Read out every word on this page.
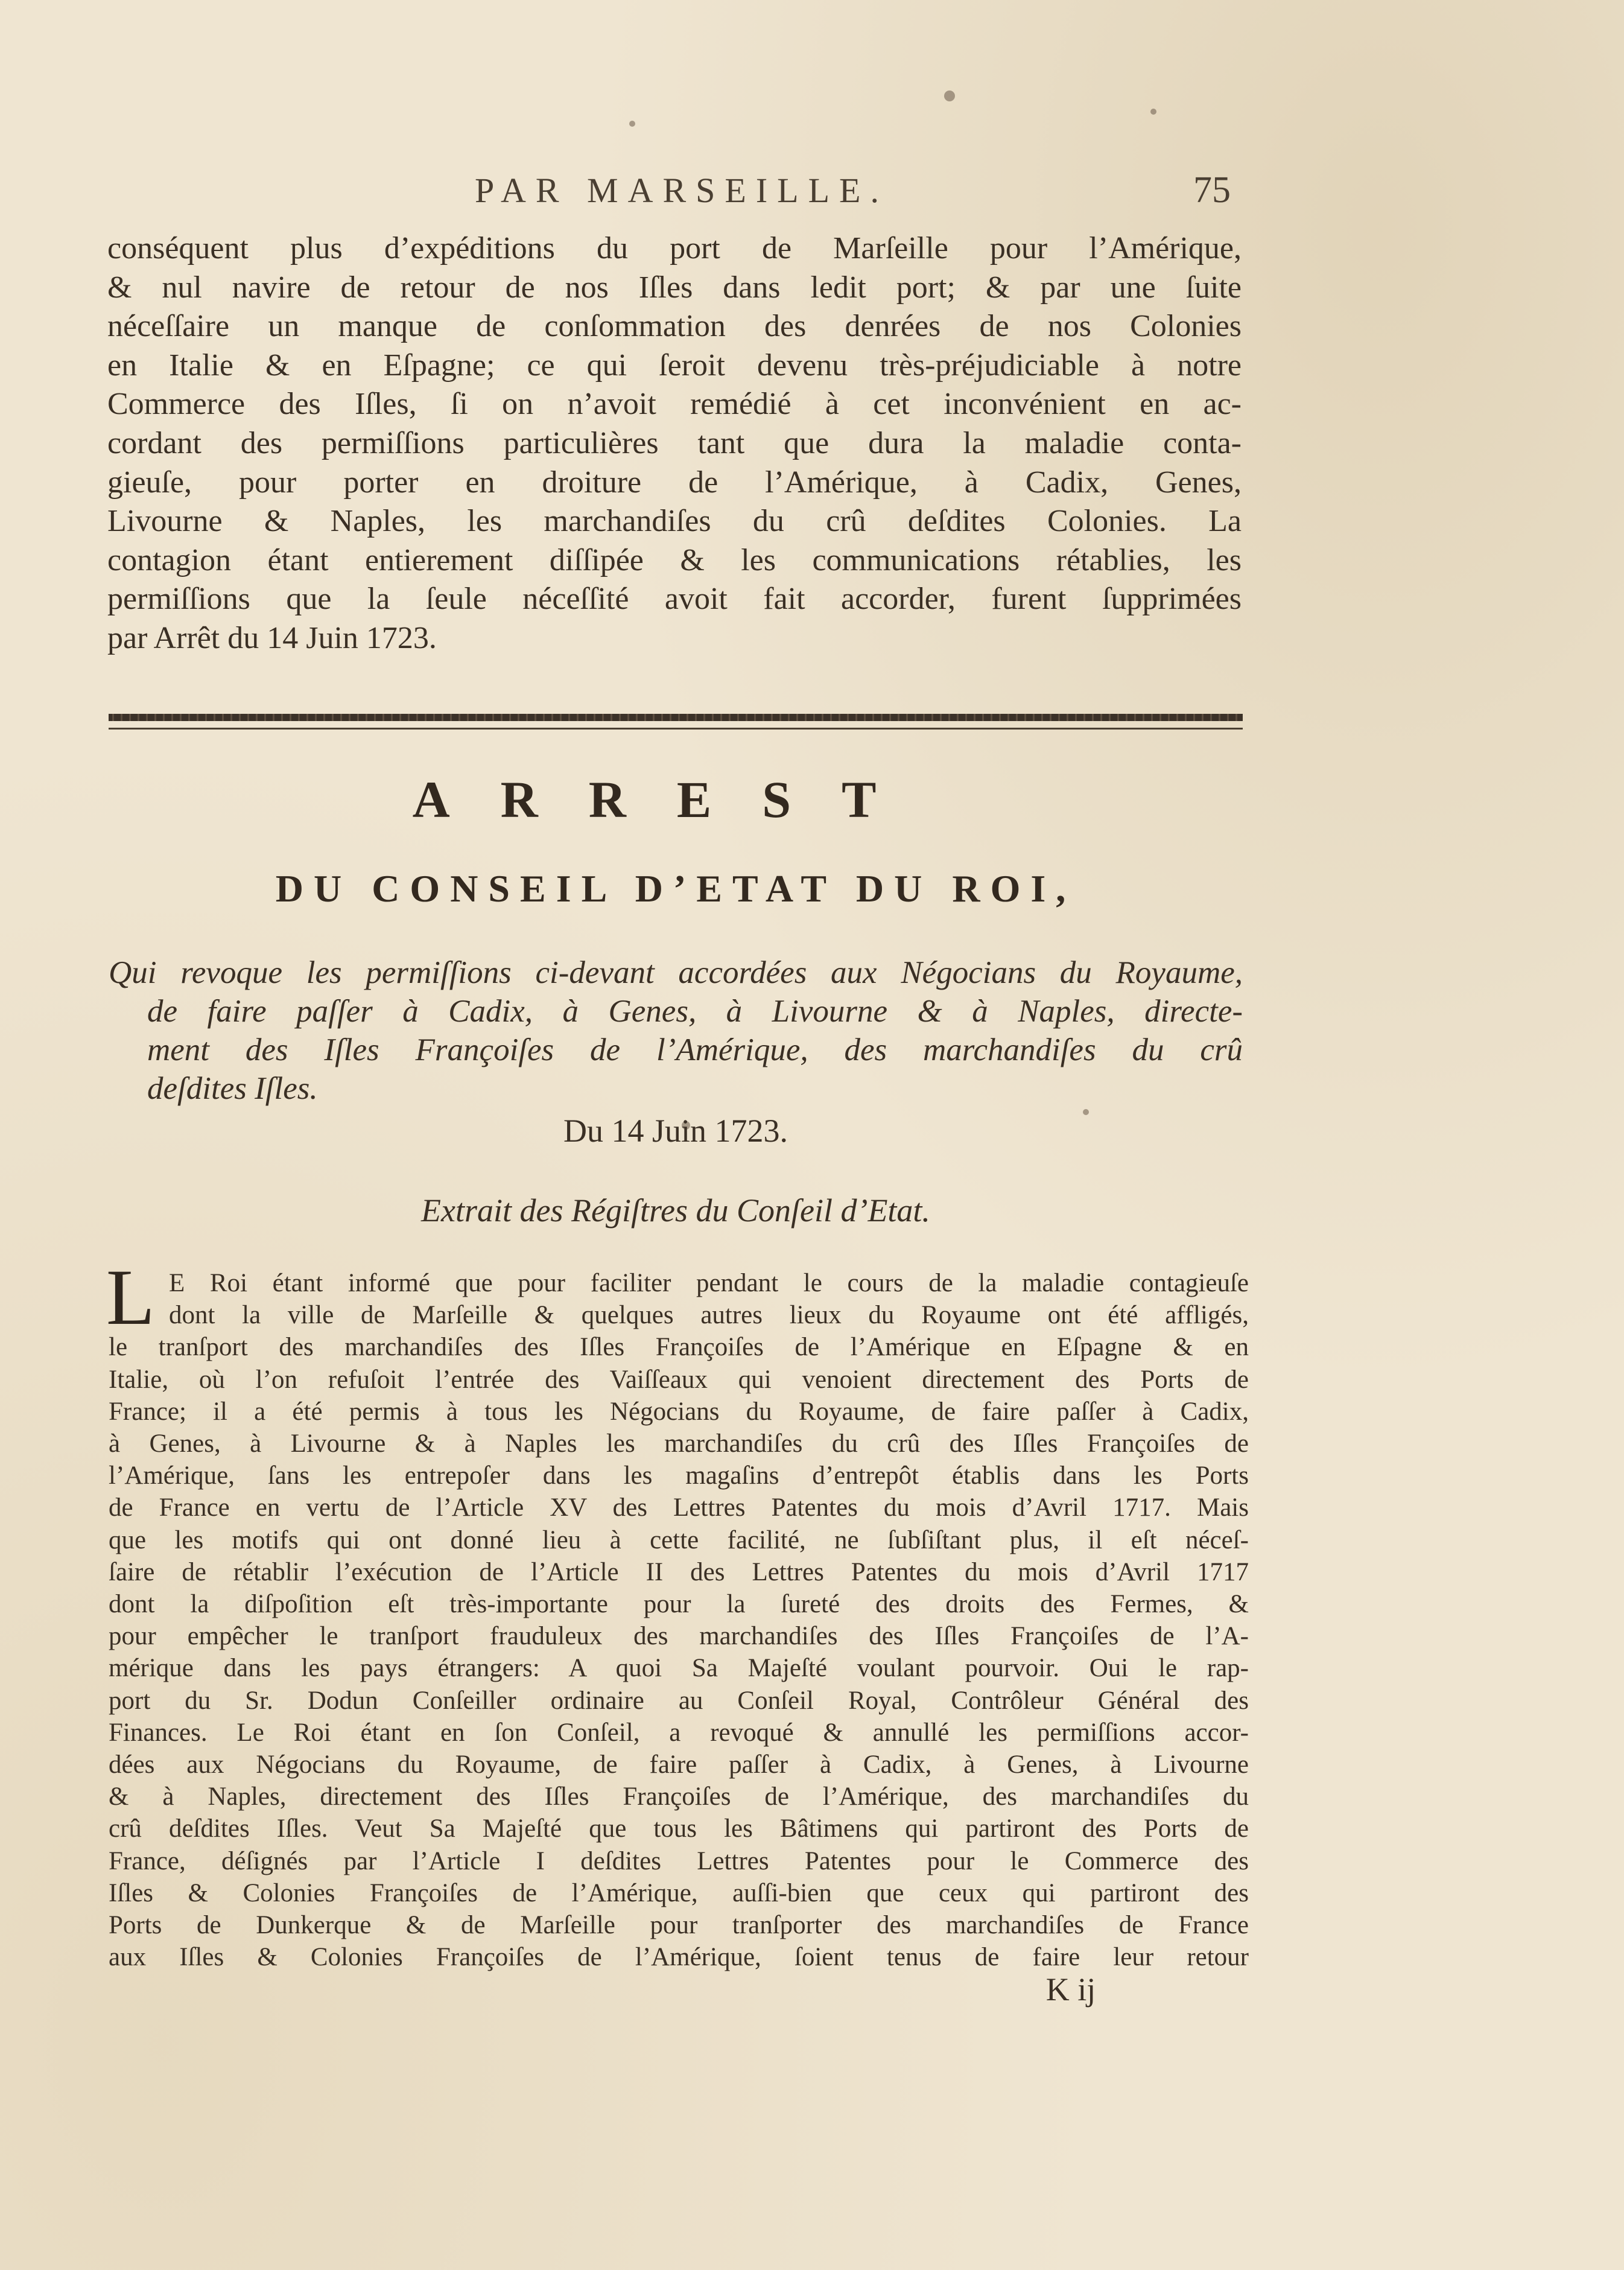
PAR MARSEILLE.	75
conséquent plus d’expéditions du port de Marſeille pour l’Amérique,
& nul navire de retour de nos Iſles dans ledit port; & par une ſuite
néceſſaire un manque de conſommation des denrées de nos Colonies
en Italie & en Eſpagne; ce qui ſeroit devenu très-préjudiciable à notre
Commerce des Iſles, ſi on n’avoit remédié à cet inconvénient en ac-
cordant des permiſſions particulières tant que dura la maladie conta-
gieuſe, pour porter en droiture de l’Amérique, à Cadix, Genes,
Livourne & Naples, les marchandiſes du crû deſdites Colonies. La
contagion étant entierement diſſipée & les communications rétablies, les
permiſſions que la ſeule néceſſité avoit fait accorder, furent ſupprimées
par Arrêt du 14 Juin 1723.
ARREST
DU CONSEIL D’ETAT DU ROI,
Qui revoque les permiſſions ci-devant accordées aux Négocians du Royaume,
de faire paſſer à Cadix, à Genes, à Livourne & à Naples, directe-
ment des Iſles Françoiſes de l’Amérique, des marchandiſes du crû
deſdites Iſles.
Du 14 Juin 1723.
Extrait des Régiſtres du Conſeil d’Etat.
L E Roi étant informé que pour faciliter pendant le cours de la maladie contagieuſe
dont la ville de Marſeille & quelques autres lieux du Royaume ont été affligés,
le tranſport des marchandiſes des Iſles Françoiſes de l’Amérique en Eſpagne & en
Italie, où l’on refuſoit l’entrée des Vaiſſeaux qui venoient directement des Ports de
France; il a été permis à tous les Négocians du Royaume, de faire paſſer à Cadix,
à Genes, à Livourne & à Naples les marchandiſes du crû des Iſles Françoiſes de
l’Amérique, ſans les entrepoſer dans les magaſins d’entrepôt établis dans les Ports
de France en vertu de l’Article XV des Lettres Patentes du mois d’Avril 1717. Mais
que les motifs qui ont donné lieu à cette facilité, ne ſubſiſtant plus, il eſt néceſ-
ſaire de rétablir l’exécution de l’Article II des Lettres Patentes du mois d’Avril 1717
dont la diſpoſition eſt très-importante pour la ſureté des droits des Fermes, &
pour empêcher le tranſport frauduleux des marchandiſes des Iſles Françoiſes de l’A-
mérique dans les pays étrangers: A quoi Sa Majeſté voulant pourvoir. Oui le rap-
port du Sr. Dodun Conſeiller ordinaire au Conſeil Royal, Contrôleur Général des
Finances. Le Roi étant en ſon Conſeil, a revoqué & annullé les permiſſions accor-
dées aux Négocians du Royaume, de faire paſſer à Cadix, à Genes, à Livourne
& à Naples, directement des Iſles Françoiſes de l’Amérique, des marchandiſes du
crû deſdites Iſles. Veut Sa Majeſté que tous les Bâtimens qui partiront des Ports de
France, déſignés par l’Article I deſdites Lettres Patentes pour le Commerce des
Iſles & Colonies Françoiſes de l’Amérique, auſſi-bien que ceux qui partiront des
Ports de Dunkerque & de Marſeille pour tranſporter des marchandiſes de France
aux Iſles & Colonies Françoiſes de l’Amérique, ſoient tenus de faire leur retour
K ij
